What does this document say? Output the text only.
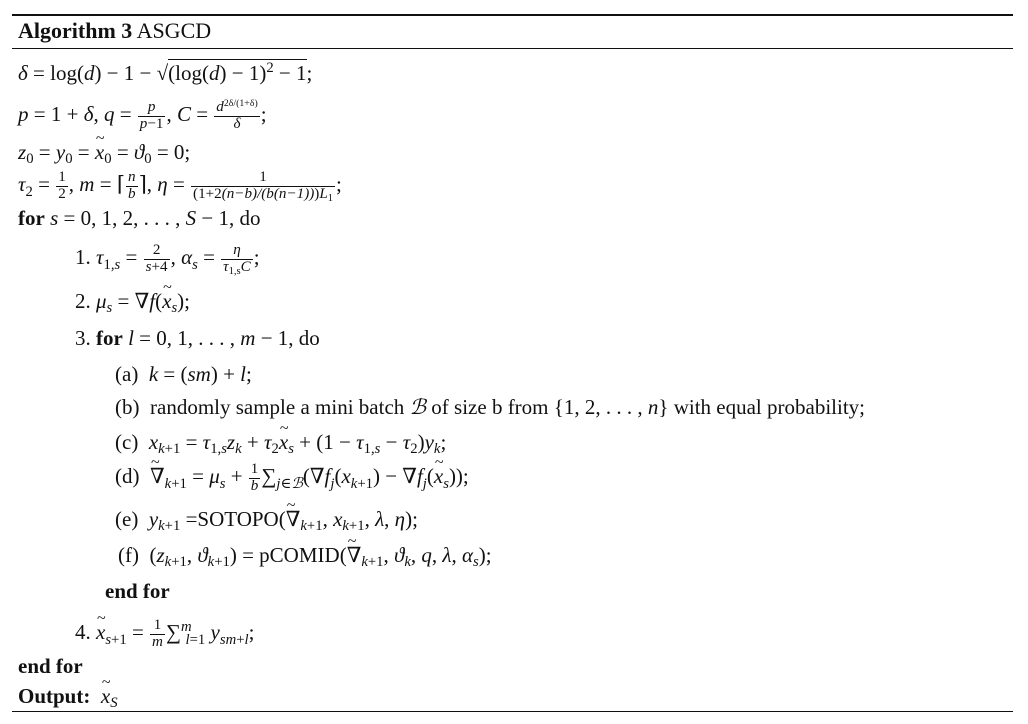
Algorithm 3 ASGCD
$\delta = \log(d) - 1 - √(\log(d) - 1)^2 - 1$;
p = 1 + δ, $q = \frac{p}{p-1}$ , $C = \frac{d^{2\delta/(1+\delta)}}{\delta}$ ;
$z_0 = y_0$ = ~ $x_0 = ϑ_0 = 0$;
$\tau_2 = \frac{1}{2}$ , m = ⌈ $\frac{n}{b}$ ⌉, $\eta = \frac{1}{(1+2(n-b)/(b(n-1)))L_1}$ ;
for s = 0, 1, 2, . . . , S − 1, do
1. $\tau_{1,s} = \frac{2}{s+4}$ , $\alpha_s = \frac{\eta}{\tau_{1,s}C}$ ;
2. $\mu_s$ = ∇f(~ $x_s$);
3. for l = 0, 1, . . . , m − 1, do
(a) k = (sm) + l;
(b) randomly sample a mini batch ℬ of size b from {1, 2, . . . , n} with equal probability;
(c) $x_{k+1} = \tau_{1,s}z_k$ + $\tau_2\sim$ $x_s + (1 - \tau_{1,s} - \tau_2)y_k$;
(d) ~ $\nabla_{k+1} = \mu_s + \frac{1}{b} \sum_{j\in ℬ}(\nabla f_j(x_{k+1})$ − $\nabla f_j(\sim$ $x_s$));
(e) $y_{k+1}$ =SOTOPO(~ $\nabla_{k+1}$, $x_{k+1}$, λ, η);
(f)  ($z_{k+1}$, $ϑ_{k+1}$) = pCOMID(~ $\nabla_{k+1}$, $ϑ_k$, q, λ, $\alpha_s$);
end for
4. ~ $x_{s+1} = \frac{1}{m} \sum^m_{l=1}$ $y_{sm+l}$;
end for
Output: ~ $x_S$
